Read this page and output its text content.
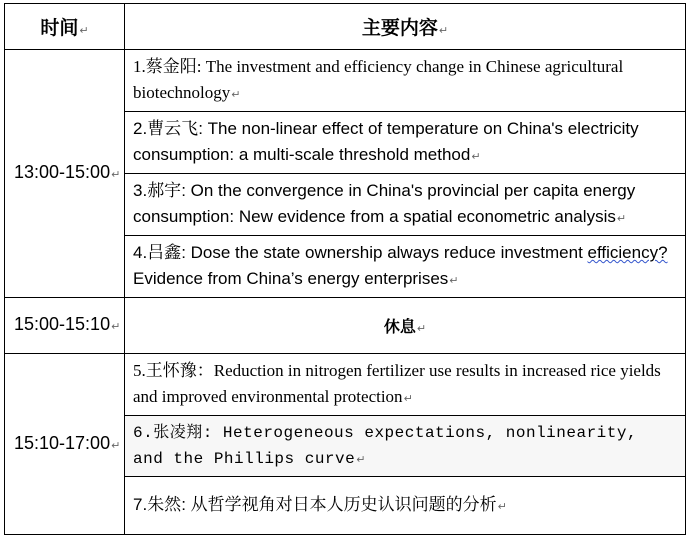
时间↵	主要内容↵
13:00-15:00↵	1.蔡金阳: The investment and efficiency change in Chinese agricultural biotechnology↵
	2.曹云飞: The non-linear effect of temperature on China's electricity consumption: a multi-scale threshold method↵
	3.郝宇: On the convergence in China's provincial per capita energy consumption: New evidence from a spatial econometric analysis↵
	4.吕鑫: Dose the state ownership always reduce investment efficiency? Evidence from China’s energy enterprises↵
15:00-15:10↵	休息↵
15:10-17:00↵	5.王怀豫：Reduction in nitrogen fertilizer use results in increased rice yields and improved environmental protection↵
	6.张凌翔: Heterogeneous expectations, nonlinearity, and the Phillips curve↵
	7.朱然: 从哲学视角对日本人历史认识问题的分析↵
